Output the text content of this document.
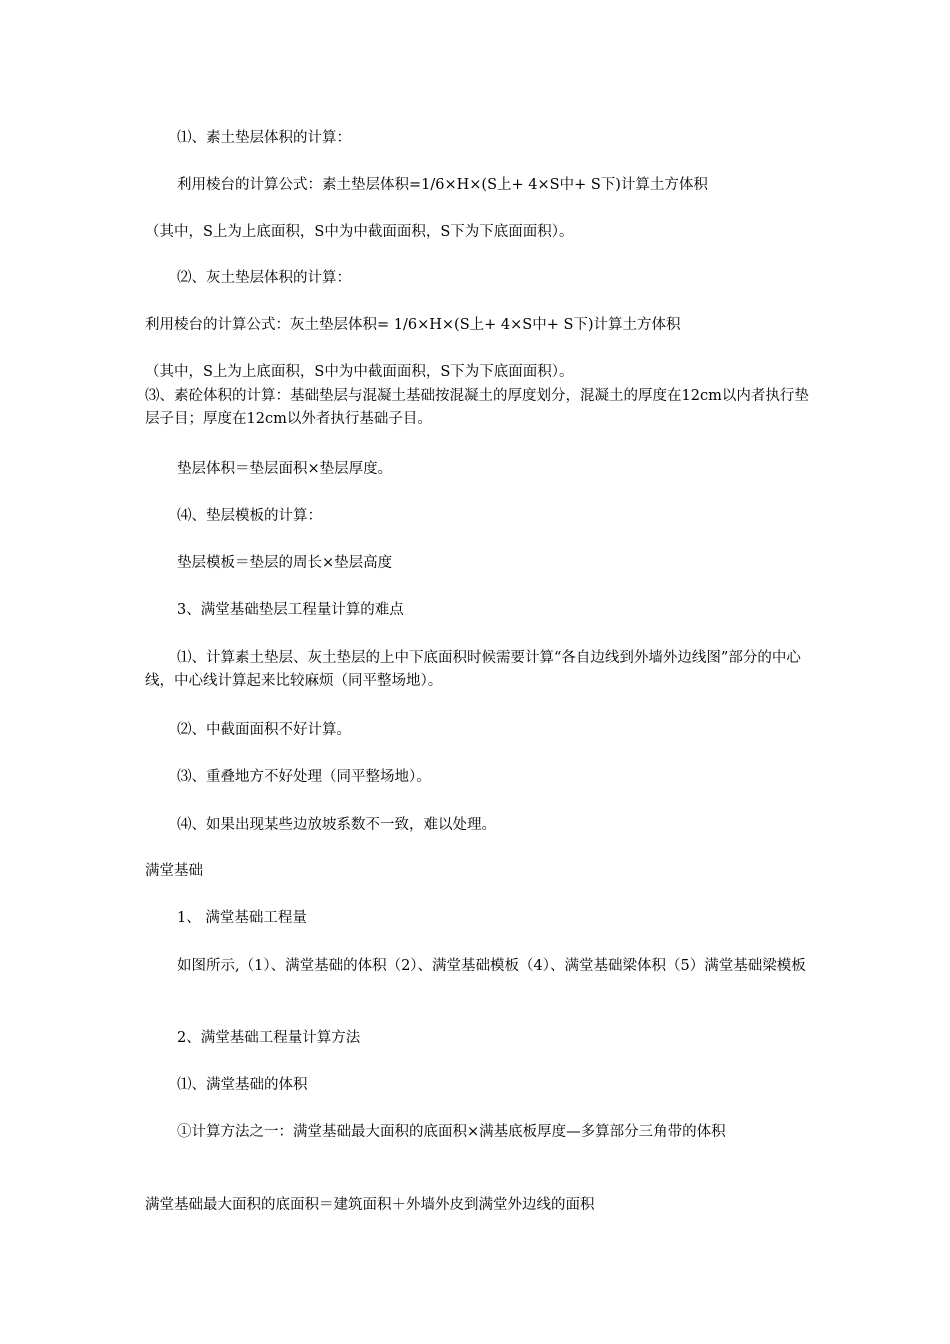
⑴、素土垫层体积的计算：
利用棱台的计算公式：素土垫层体积=1/6×H×(S上+ 4×S中+ S下)计算土方体积
（其中，S上为上底面积，S中为中截面面积，S下为下底面面积）。
⑵、灰土垫层体积的计算：
利用棱台的计算公式：灰土垫层体积= 1/6×H×(S上+ 4×S中+ S下)计算土方体积
（其中，S上为上底面积，S中为中截面面积，S下为下底面面积）。
⑶、素砼体积的计算：基础垫层与混凝土基础按混凝土的厚度划分，混凝土的厚度在12cm以内者执行垫层子目；厚度在12cm以外者执行基础子目。
垫层体积＝垫层面积×垫层厚度。
⑷、垫层模板的计算：
垫层模板＝垫层的周长×垫层高度
3、满堂基础垫层工程量计算的难点
⑴、计算素土垫层、灰土垫层的上中下底面积时候需要计算“各自边线到外墙外边线图”部分的中心线，中心线计算起来比较麻烦（同平整场地）。
⑵、中截面面积不好计算。
⑶、重叠地方不好处理（同平整场地）。
⑷、如果出现某些边放坡系数不一致，难以处理。
满堂基础
1、 满堂基础工程量
如图所示,（1）、满堂基础的体积（2）、满堂基础模板（4）、满堂基础梁体积（5）满堂基础梁模板
2、满堂基础工程量计算方法
⑴、满堂基础的体积
①计算方法之一：满堂基础最大面积的底面积×满基底板厚度—多算部分三角带的体积
满堂基础最大面积的底面积＝建筑面积＋外墙外皮到满堂外边线的面积
